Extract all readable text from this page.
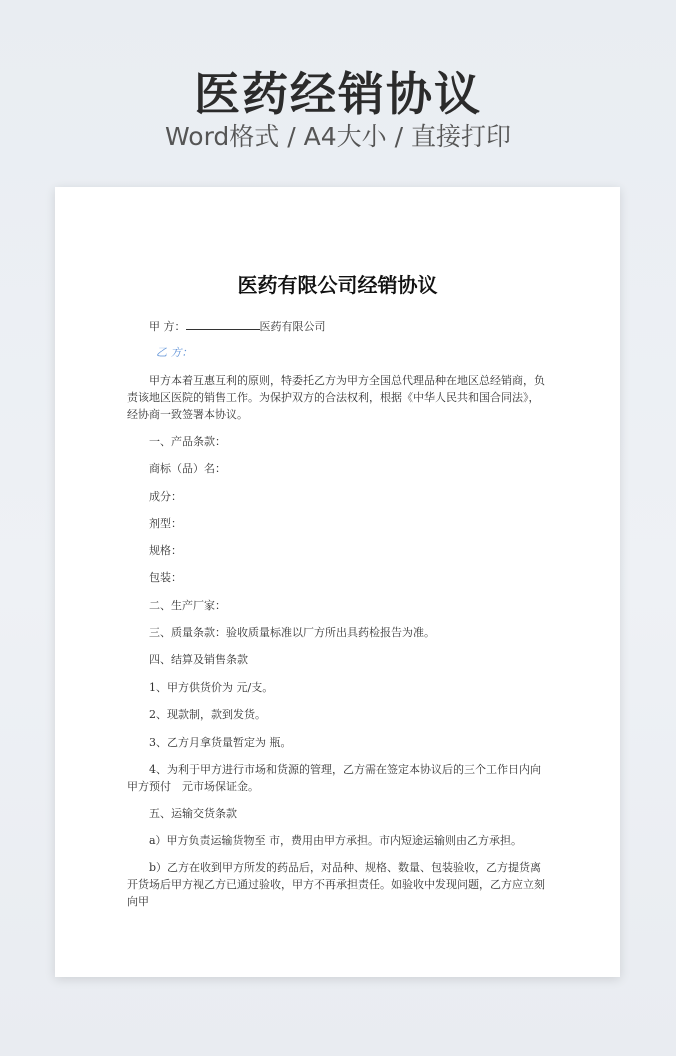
医药经销协议
Word格式 / A4大小 / 直接打印
医药有限公司经销协议
甲 方：	医药有限公司
乙 方：
甲方本着互惠互利的原则，特委托乙方为甲方全国总代理品种在地区总经销商，负责该地区医院的销售工作。为保护双方的合法权利，根据《中华人民共和国合同法》，经协商一致签署本协议。
一、产品条款：
商标（品）名：
成分：
剂型：
规格：
包装：
二、生产厂家：
三、质量条款：验收质量标准以厂方所出具药检报告为准。
四、结算及销售条款
1、甲方供货价为 元/支。
2、现款制，款到发货。
3、乙方月拿货量暂定为 瓶。
4、为利于甲方进行市场和货源的管理，乙方需在签定本协议后的三个工作日内向甲方预付　元市场保证金。
五、运输交货条款
a）甲方负责运输货物至 市，费用由甲方承担。市内短途运输则由乙方承担。
b）乙方在收到甲方所发的药品后，对品种、规格、数量、包装验收，乙方提货离开货场后甲方视乙方已通过验收，甲方不再承担责任。如验收中发现问题，乙方应立刻向甲
